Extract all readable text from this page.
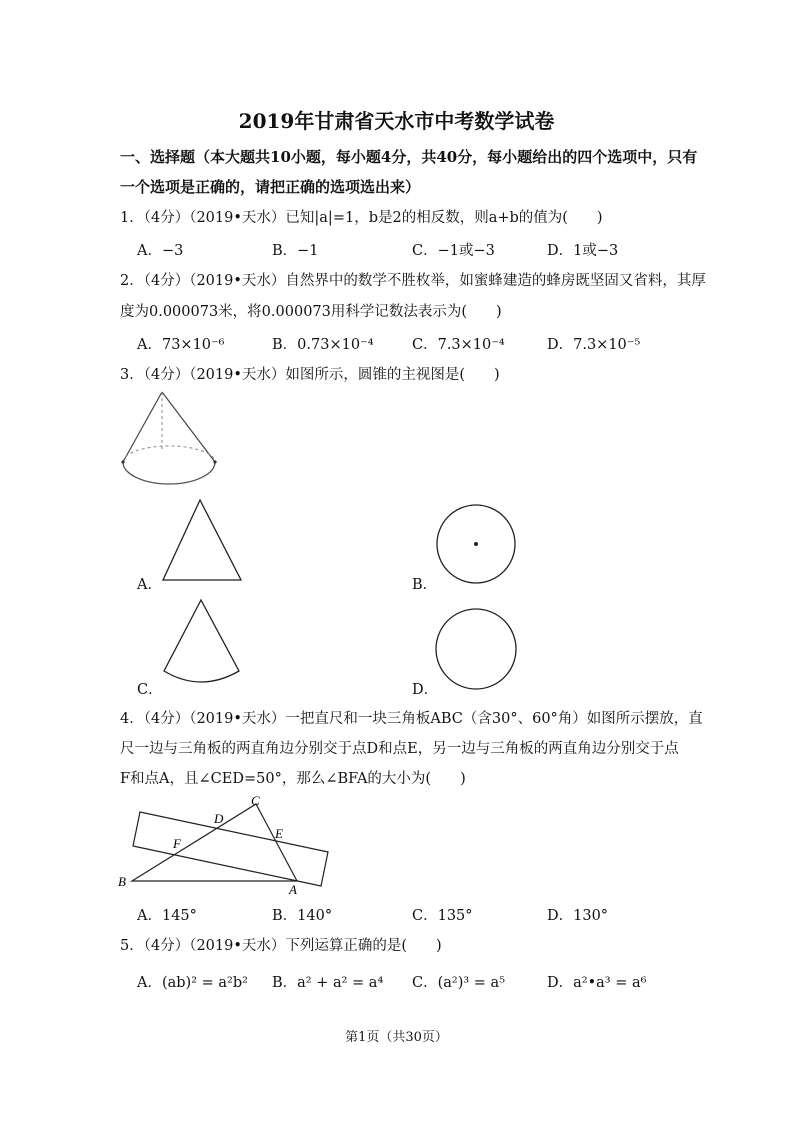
2019年甘肃省天水市中考数学试卷
一、选择题（本大题共10小题，每小题4分，共40分，每小题给出的四个选项中，只有
一个选项是正确的，请把正确的选项选出来）
1．（4分）（2019•天水）已知|a|=1，b是2的相反数，则a+b的值为(　　)
A．−3	B．−1	C．−1或−3	D．1或−3
2．（4分）（2019•天水）自然界中的数学不胜枚举，如蜜蜂建造的蜂房既坚固又省料，其厚
度为0.000073米，将0.000073用科学记数法表示为(　　)
A．73×10⁻⁶	B．0.73×10⁻⁴	C．7.3×10⁻⁴	D．7.3×10⁻⁵
3．（4分）（2019•天水）如图所示，圆锥的主视图是(　　)
A．	B．
C．	D．
4．（4分）（2019•天水）一把直尺和一块三角板ABC（含30°、60°角）如图所示摆放，直
尺一边与三角板的两直角边分别交于点D和点E，另一边与三角板的两直角边分别交于点
F和点A，且∠CED=50°，那么∠BFA的大小为(　　)
C
D
E
F
B
A
A．145°	B．140°	C．135°	D．130°
5．（4分）（2019•天水）下列运算正确的是(　　)
A．(ab)² = a²b² B．a² + a² = a⁴ C．(a²)³ = a⁵	D．a²•a³ = a⁶
第1页（共30页）
